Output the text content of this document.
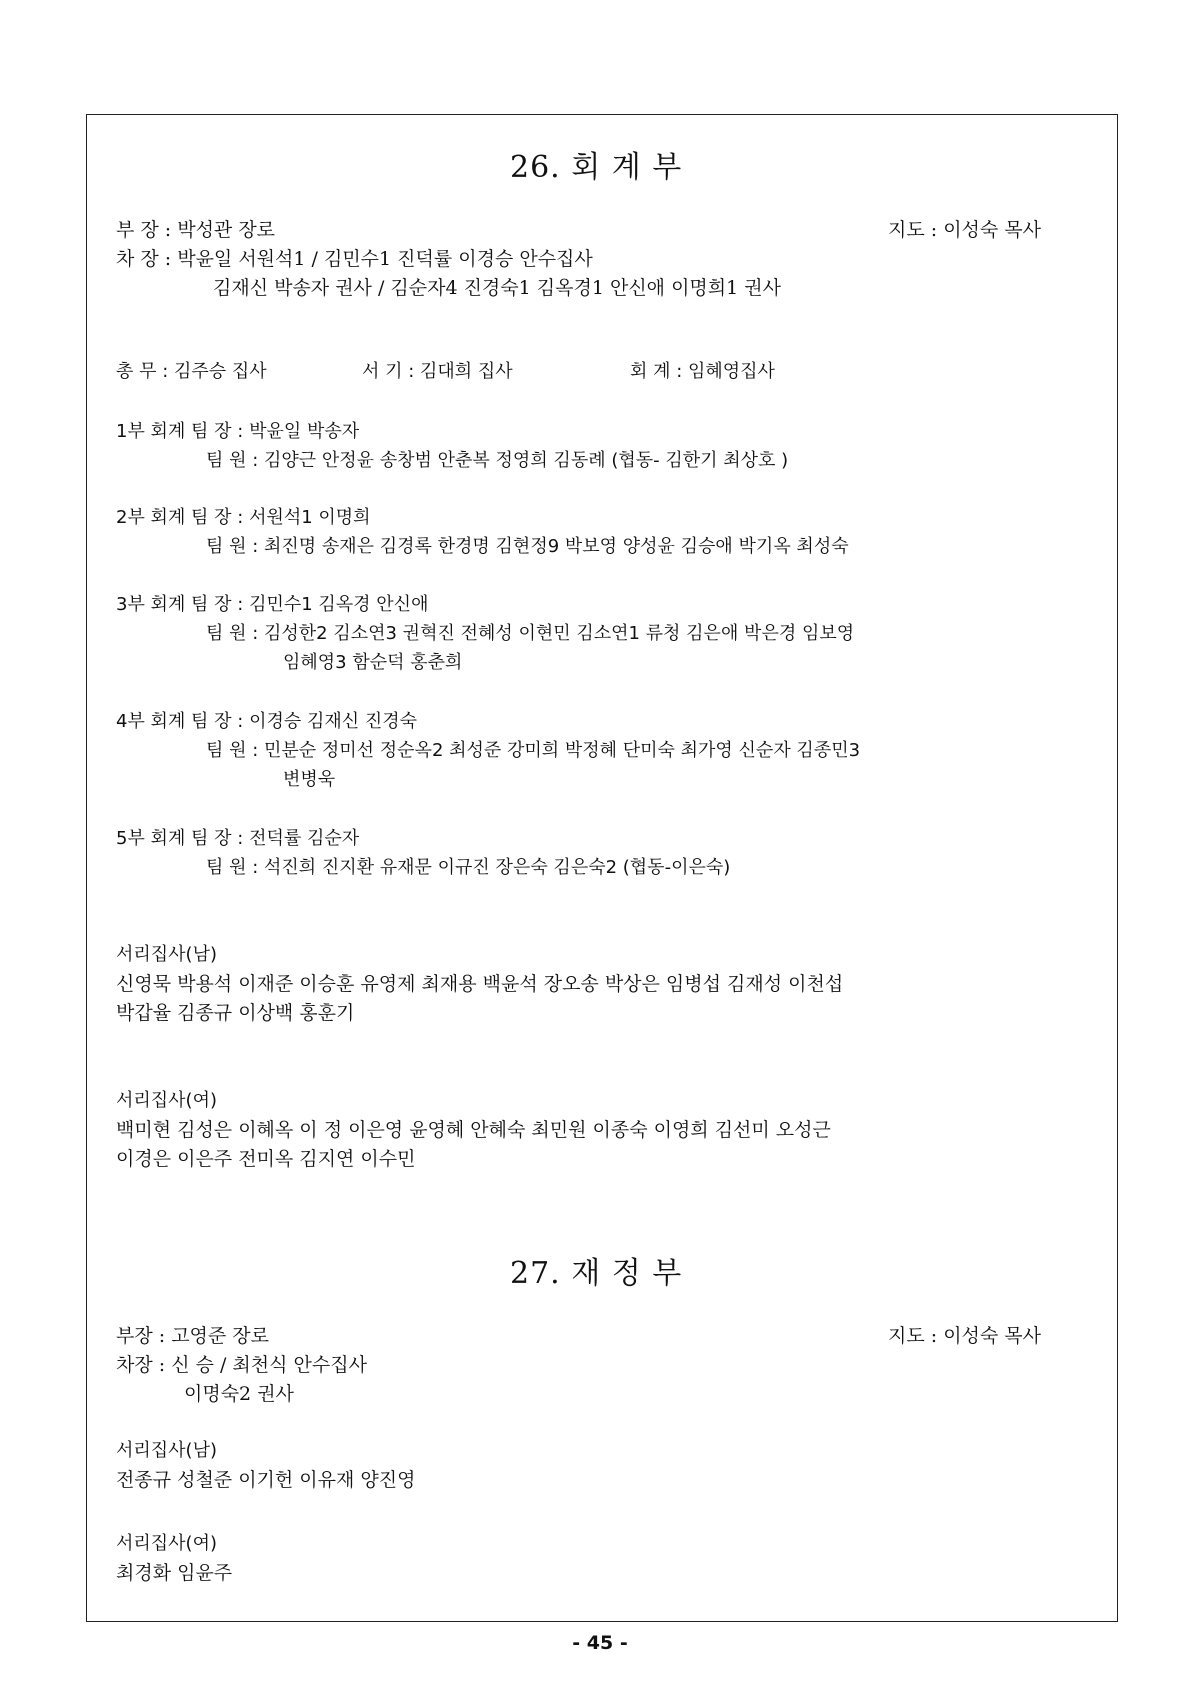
26. 회 계 부
부 장 : 박성관 장로	지도 : 이성숙 목사
차 장 : 박윤일 서원석1 / 김민수1 진덕률 이경승 안수집사
김재신 박송자 권사 / 김순자4 진경숙1 김옥경1 안신애 이명희1 권사
총 무 : 김주승 집사	서 기 : 김대희 집사	회 계 : 임혜영집사
1부 회계 팀 장 : 박윤일 박송자
팀 원 : 김양근 안정윤 송창범 안춘복 정영희 김동례 (협동- 김한기 최상호 )
2부 회계 팀 장 : 서원석1 이명희
팀 원 : 최진명 송재은 김경록 한경명 김현정9 박보영 양성윤 김승애 박기옥 최성숙
3부 회계 팀 장 : 김민수1 김옥경 안신애
팀 원 : 김성한2 김소연3 권혁진 전혜성 이현민 김소연1 류청 김은애 박은경 임보영
임혜영3 함순덕 홍춘희
4부 회계 팀 장 : 이경승 김재신 진경숙
팀 원 : 민분순 정미선 정순옥2 최성준 강미희 박정혜 단미숙 최가영 신순자 김종민3
변병욱
5부 회계 팀 장 : 전덕률 김순자
팀 원 : 석진희 진지환 유재문 이규진 장은숙 김은숙2 (협동-이은숙)
서리집사(남)
신영묵 박용석 이재준 이승훈 유영제 최재용 백윤석 장오송 박상은 임병섭 김재성 이천섭
박갑율 김종규 이상백 홍훈기
서리집사(여)
백미현 김성은 이혜옥 이 정 이은영 윤영혜 안혜숙 최민원 이종숙 이영희 김선미 오성근
이경은 이은주 전미옥 김지연 이수민
27. 재 정 부
부장 : 고영준 장로	지도 : 이성숙 목사
차장 : 신 승 / 최천식 안수집사
이명숙2 권사
서리집사(남)
전종규 성철준 이기헌 이유재 양진영
서리집사(여)
최경화 임윤주
- 45 -
